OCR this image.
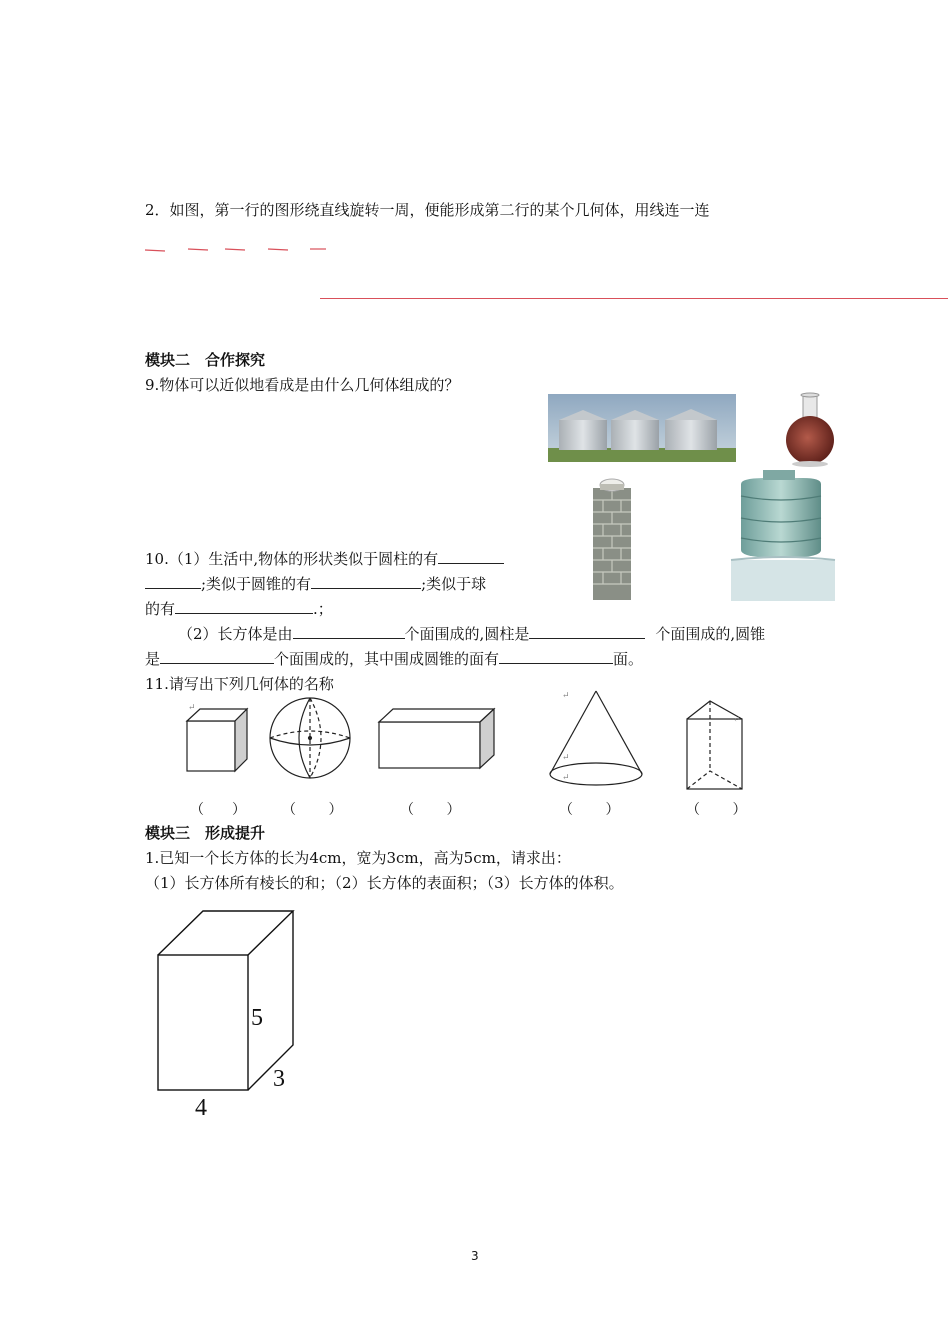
2．如图，第一行的图形绕直线旋转一周，便能形成第二行的某个几何体，用线连一连
模块二　合作探究
9.物体可以近似地看成是由什么几何体组成的？
10.（1）生活中,物体的形状类似于圆柱的有
;类似于圆锥的有	;类似于球
的有	.；
（2）长方体是由	个面围成的,圆柱是	个面围成的,圆锥
是	个面围成的，其中围成圆锥的面有	面。
11.请写出下列几何体的名称
↵
↵
↵
↵
↵
（　　）	（　　 ）	（　　 ）	（　　 ）	（　　 ）
模块三　形成提升
1.已知一个长方体的长为4cm，宽为3cm，高为5cm，请求出：
（1）长方体所有棱长的和；（2）长方体的表面积；（3）长方体的体积。
5
3
4
3
